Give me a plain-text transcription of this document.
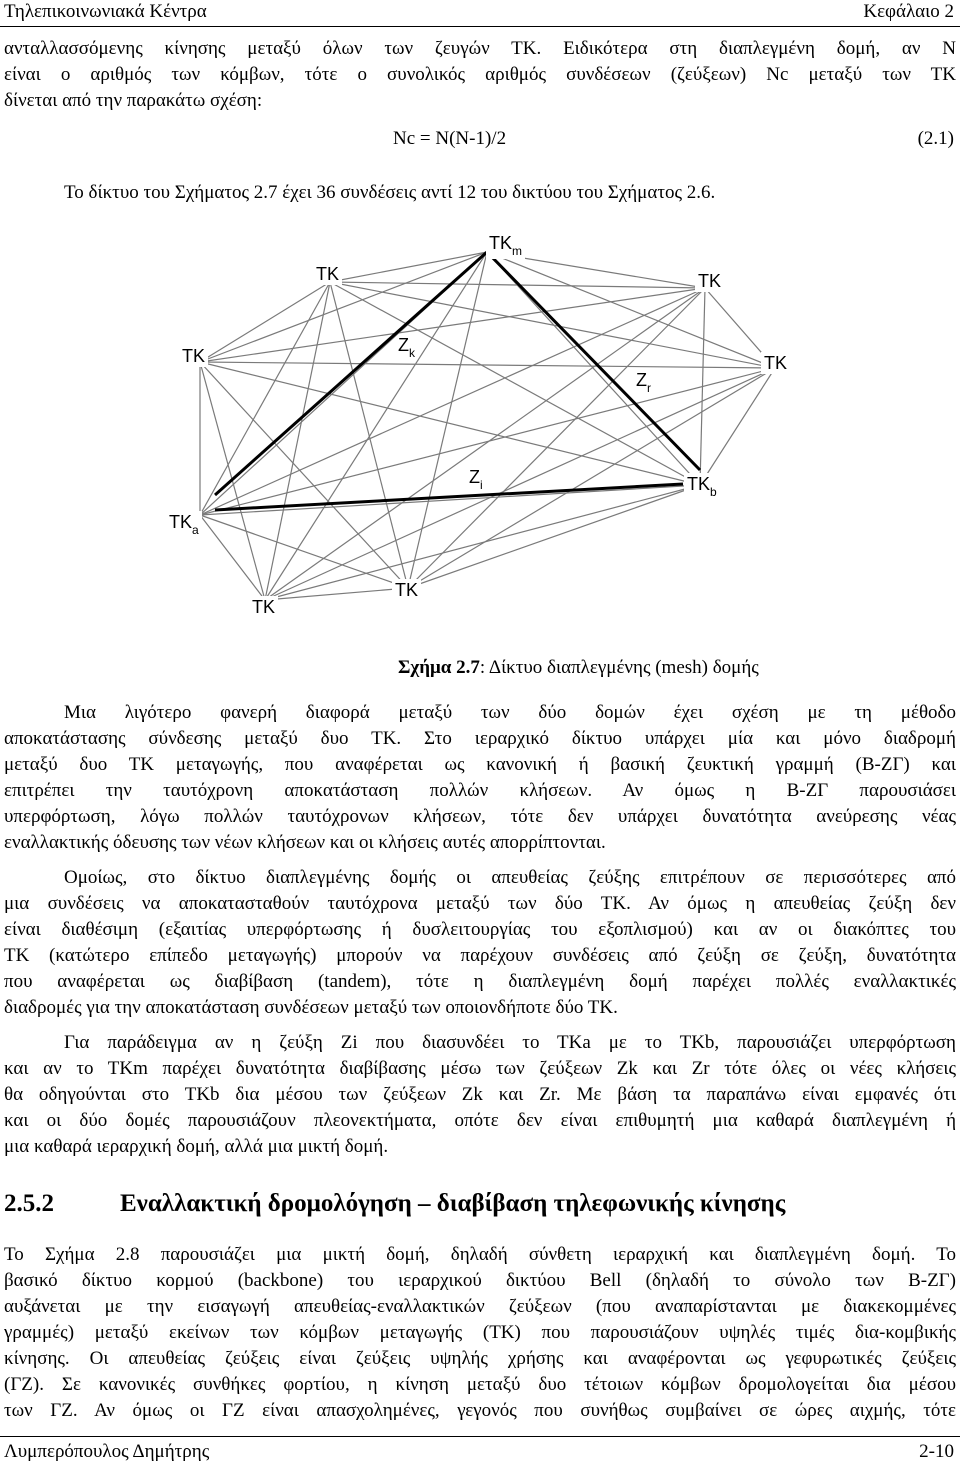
Τηλεπικοινωνιακά Κέντρα	Κεφάλαιο 2
ανταλλασσόμενης κίνησης μεταξύ όλων των ζευγών ΤΚ. Ειδικότερα στη διαπλεγμένη δομή, αν Ν
είναι ο αριθμός των κόμβων, τότε ο συνολικός αριθμός συνδέσεων (ζεύξεων) Nc μεταξύ των ΤΚ
δίνεται από την παρακάτω σχέση:
Nc = N(N-1)/2	(2.1)
Το δίκτυο του Σχήματος 2.7 έχει 36 συνδέσεις αντί 12 του δικτύου του Σχήματος 2.6.
$TK_m$
ΤΚ	ΤΚ
ΤΚ	ΤΚ
$TK_b$
$TK_a$
ΤΚ
ΤΚ
$Z_k$
$Z_r$
$Z_i$
Σχήμα 2.7: Δίκτυο διαπλεγμένης (mesh) δομής
Μια λιγότερο φανερή διαφορά μεταξύ των δύο δομών έχει σχέση με τη μέθοδο
αποκατάστασης σύνδεσης μεταξύ δυο ΤΚ. Στο ιεραρχικό δίκτυο υπάρχει μία και μόνο διαδρομή
μεταξύ δυο ΤΚ μεταγωγής, που αναφέρεται ως κανονική ή βασική ζευκτική γραμμή (Β-ΖΓ) και
επιτρέπει την ταυτόχρονη αποκατάσταση πολλών κλήσεων. Αν όμως η Β-ΖΓ παρουσιάσει
υπερφόρτωση, λόγω πολλών ταυτόχρονων κλήσεων, τότε δεν υπάρχει δυνατότητα ανεύρεσης νέας
εναλλακτικής όδευσης των νέων κλήσεων και οι κλήσεις αυτές απορρίπτονται.
Ομοίως, στο δίκτυο διαπλεγμένης δομής οι απευθείας ζεύξης επιτρέπουν σε περισσότερες από
μια συνδέσεις να αποκατασταθούν ταυτόχρονα μεταξύ των δύο ΤΚ. Αν όμως η απευθείας ζεύξη δεν
είναι διαθέσιμη (εξαιτίας υπερφόρτωσης ή δυσλειτουργίας του εξοπλισμού) και αν οι διακόπτες του
ΤΚ (κατώτερο επίπεδο μεταγωγής) μπορούν να παρέχουν συνδέσεις από ζεύξη σε ζεύξη, δυνατότητα
που αναφέρεται ως διαβίβαση (tandem), τότε η διαπλεγμένη δομή παρέχει πολλές εναλλακτικές
διαδρομές για την αποκατάσταση συνδέσεων μεταξύ των οποιονδήποτε δύο ΤΚ.
Για παράδειγμα αν η ζεύξη Ζi που διασυνδέει το ΤΚa με το ΤΚb, παρουσιάζει υπερφόρτωση
και αν το ΤΚm παρέχει δυνατότητα διαβίβασης μέσω των ζεύξεων Ζk και Ζr τότε όλες οι νέες κλήσεις
θα οδηγούνται στο ΤΚb δια μέσου των ζεύξεων Ζk και Ζr. Με βάση τα παραπάνω είναι εμφανές ότι
και οι δύο δομές παρουσιάζουν πλεονεκτήματα, οπότε δεν είναι επιθυμητή μια καθαρά διαπλεγμένη ή
μια καθαρά ιεραρχική δομή, αλλά μια μικτή δομή.
2.5.2	Εναλλακτική δρομολόγηση – διαβίβαση τηλεφωνικής κίνησης
Το Σχήμα 2.8 παρουσιάζει μια μικτή δομή, δηλαδή σύνθετη ιεραρχική και διαπλεγμένη δομή. Το
βασικό δίκτυο κορμού (backbone) του ιεραρχικού δικτύου Bell (δηλαδή το σύνολο των Β-ΖΓ)
αυξάνεται με την εισαγωγή απευθείας-εναλλακτικών ζεύξεων (που αναπαρίστανται με διακεκομμένες
γραμμές) μεταξύ εκείνων των κόμβων μεταγωγής (ΤΚ) που παρουσιάζουν υψηλές τιμές δια-κομβικής
κίνησης. Οι απευθείας ζεύξεις είναι ζεύξεις υψηλής χρήσης και αναφέρονται ως γεφυρωτικές ζεύξεις
(ΓΖ). Σε κανονικές συνθήκες φορτίου, η κίνηση μεταξύ δυο τέτοιων κόμβων δρομολογείται δια μέσου
των ΓΖ. Αν όμως οι ΓΖ είναι απασχολημένες, γεγονός που συνήθως συμβαίνει σε ώρες αιχμής, τότε
Λυμπερόπουλος Δημήτρης	2-10
